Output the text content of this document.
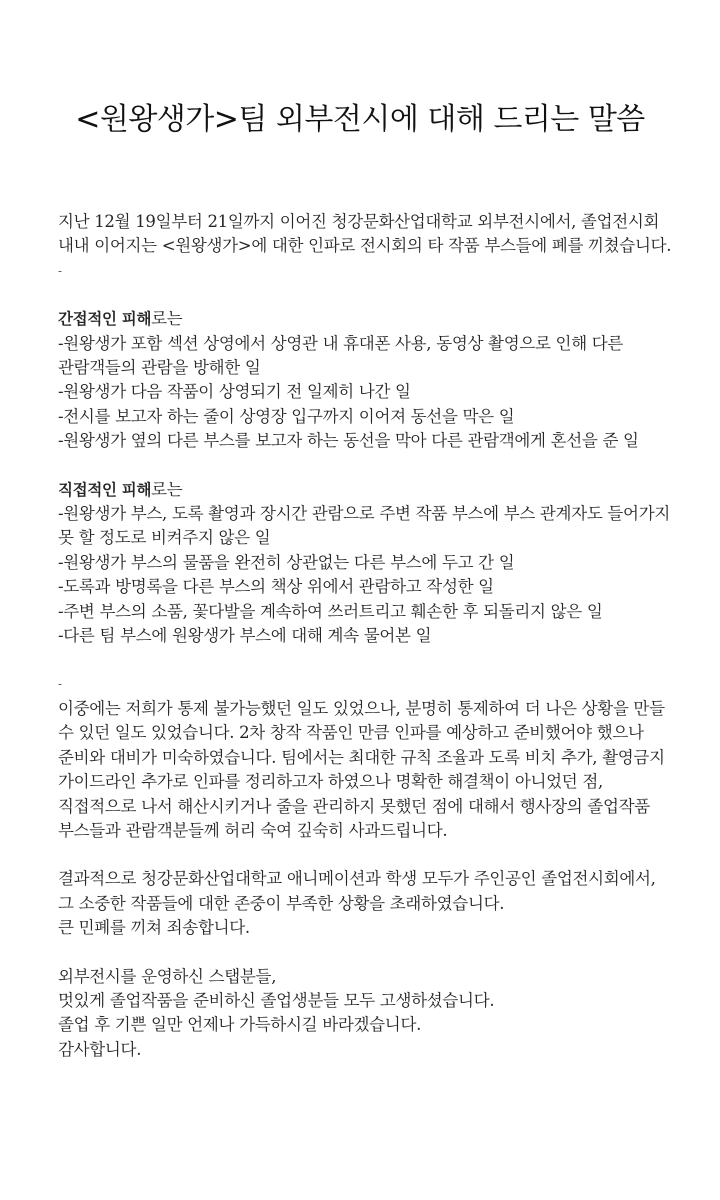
<원왕생가>팀 외부전시에 대해 드리는 말씀

지난 12월 19일부터 21일까지 이어진 청강문화산업대학교 외부전시에서, 졸업전시회

내내 이어지는 <원왕생가>에 대한 인파로 전시회의 타 작품 부스들에 폐를 끼쳤습니다.

-

간접적인 피해로는

-원왕생가 포함 섹션 상영에서 상영관 내 휴대폰 사용, 동영상 촬영으로 인해 다른

관람객들의 관람을 방해한 일

-원왕생가 다음 작품이 상영되기 전 일제히 나간 일

-전시를 보고자 하는 줄이 상영장 입구까지 이어져 동선을 막은 일

-원왕생가 옆의 다른 부스를 보고자 하는 동선을 막아 다른 관람객에게 혼선을 준 일

직접적인 피해로는

-원왕생가 부스, 도록 촬영과 장시간 관람으로 주변 작품 부스에 부스 관계자도 들어가지

못 할 정도로 비켜주지 않은 일

-원왕생가 부스의 물품을 완전히 상관없는 다른 부스에 두고 간 일

-도록과 방명록을 다른 부스의 책상 위에서 관람하고 작성한 일

-주변 부스의 소품, 꽃다발을 계속하여 쓰러트리고 훼손한 후 되돌리지 않은 일

-다른 팀 부스에 원왕생가 부스에 대해 계속 물어본 일

-

이중에는 저희가 통제 불가능했던 일도 있었으나, 분명히 통제하여 더 나은 상황을 만들

수 있던 일도 있었습니다. 2차 창작 작품인 만큼 인파를 예상하고 준비했어야 했으나

준비와 대비가 미숙하였습니다. 팀에서는 최대한 규칙 조율과 도록 비치 추가, 촬영금지

가이드라인 추가로 인파를 정리하고자 하였으나 명확한 해결책이 아니었던 점,

직접적으로 나서 해산시키거나 줄을 관리하지 못했던 점에 대해서 행사장의 졸업작품

부스들과 관람객분들께 허리 숙여 깊숙히 사과드립니다.

결과적으로 청강문화산업대학교 애니메이션과 학생 모두가 주인공인 졸업전시회에서,

그 소중한 작품들에 대한 존중이 부족한 상황을 초래하였습니다.

큰 민폐를 끼쳐 죄송합니다.

외부전시를 운영하신 스탭분들,

멋있게 졸업작품을 준비하신 졸업생분들 모두 고생하셨습니다.

졸업 후 기쁜 일만 언제나 가득하시길 바라겠습니다.

감사합니다.
